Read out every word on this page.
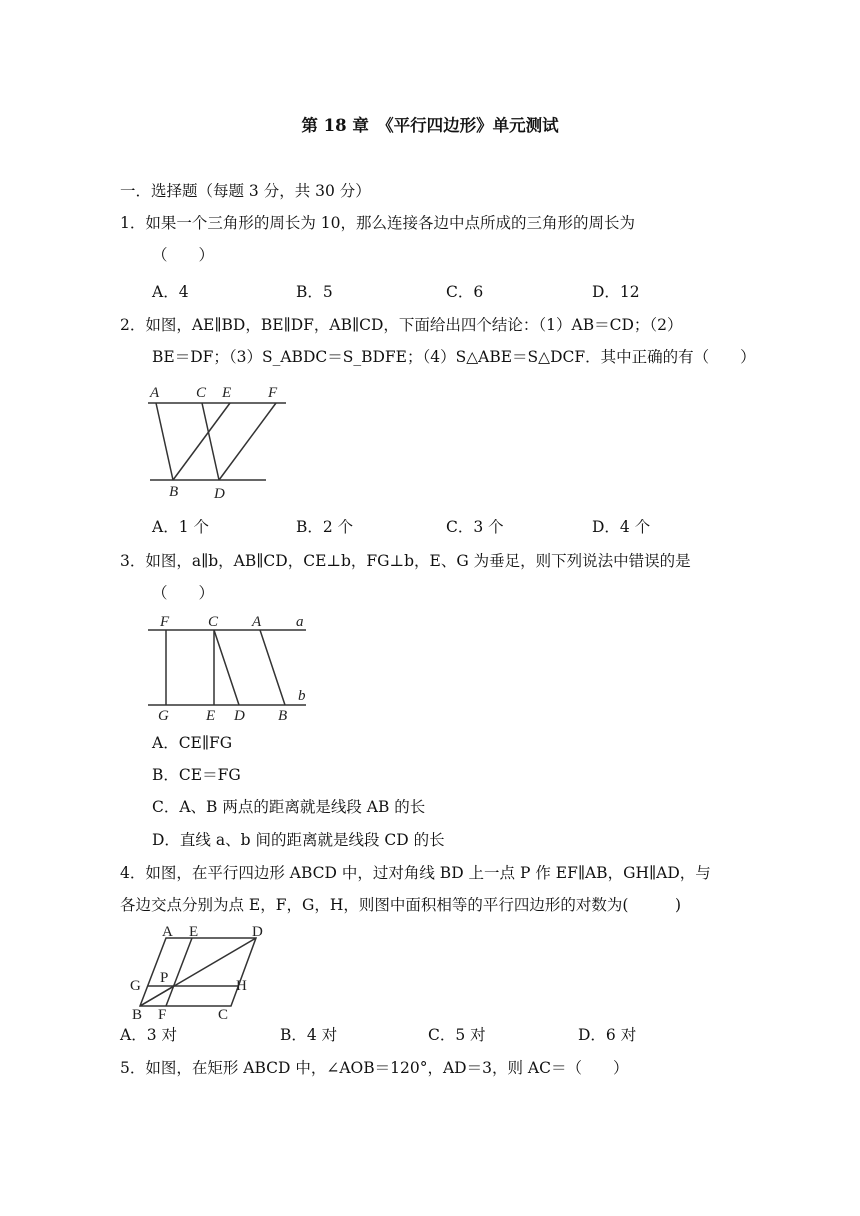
第 18 章　《平行四边形》单元测试
一．选择题（每题 3 分，共 30 分）
1．如果一个三角形的周长为 10，那么连接各边中点所成的三角形的周长为
（　　）
A．4	B．5	C．6	D．12
2．如图，AE∥BD，BE∥DF，AB∥CD，下面给出四个结论：（1）AB＝CD；（2）
BE＝DF；（3）S_ABDC＝S_BDFE；（4）S△ABE＝S△DCF．其中正确的有（　　）
A C E F
B D
A．1 个	B．2 个	C．3 个	D．4 个
3．如图，a∥b，AB∥CD，CE⊥b，FG⊥b，E、G 为垂足，则下列说法中错误的是
（　　）
F	C A a
b
G E D B
A．CE∥FG
B．CE＝FG
C．A、B 两点的距离就是线段 AB 的长
D．直线 a、b 间的距离就是线段 CD 的长
4．如图，在平行四边形 ABCD 中，过对角线 BD 上一点 P 作 EF∥AB，GH∥AD，与
各边交点分别为点 E，F，G，H，则图中面积相等的平行四边形的对数为(　　　)
A E	D
P
G	H
B F	C
A．3 对	B．4 对	C．5 对	D．6 对
5．如图，在矩形 ABCD 中，∠AOB＝120°，AD＝3，则 AC＝（　　）
